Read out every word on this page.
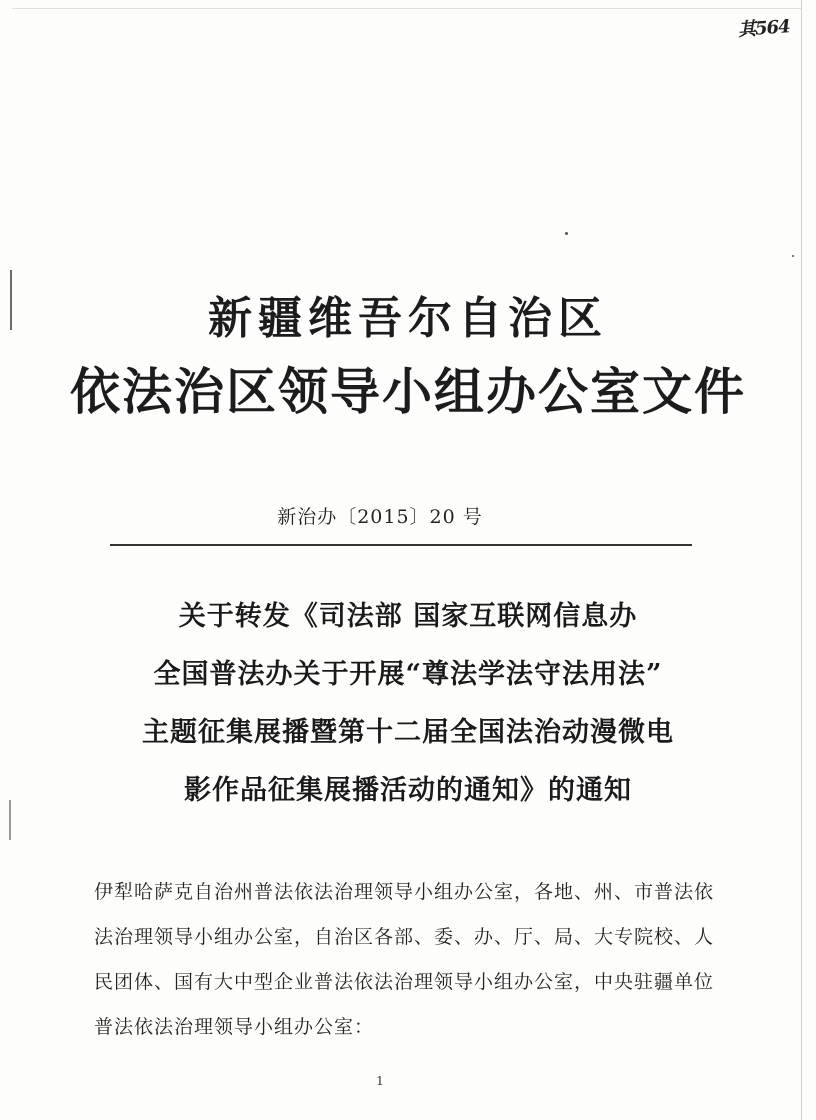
其564
新疆维吾尔自治区
依法治区领导小组办公室文件
新治办〔2015〕20 号
关于转发《司法部 国家互联网信息办
全国普法办关于开展“尊法学法守法用法”
主题征集展播暨第十二届全国法治动漫微电
影作品征集展播活动的通知》的通知
伊犁哈萨克自治州普法依法治理领导小组办公室，各地、州、市普法依法治理领导小组办公室，自治区各部、委、办、厅、局、大专院校、人民团体、国有大中型企业普法依法治理领导小组办公室，中央驻疆单位普法依法治理领导小组办公室：
1
